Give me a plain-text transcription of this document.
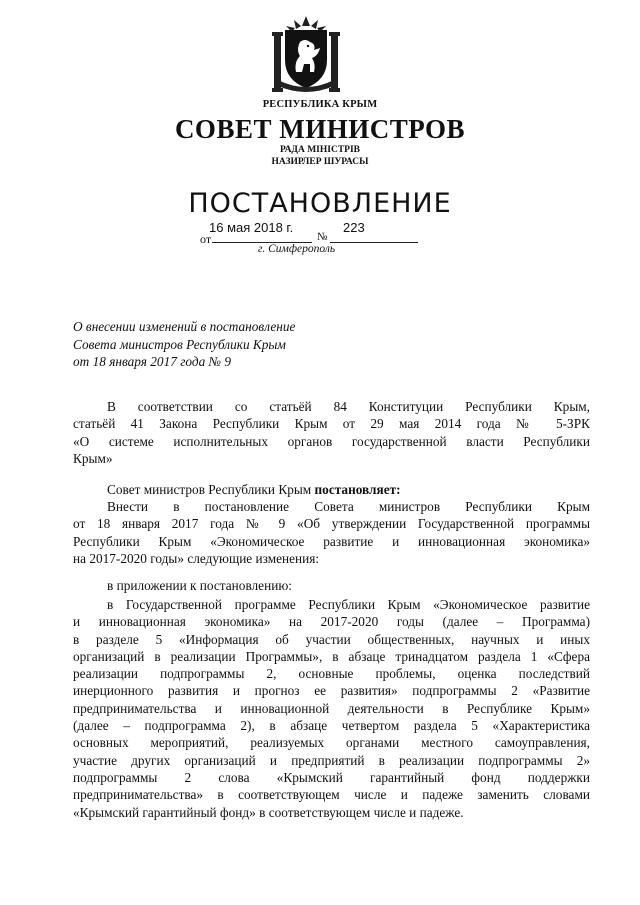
РЕСПУБЛИКА КРЫМ
СОВЕТ МИНИСТРОВ
РАДА МІНІСТРІВ
НАЗИРЛЕР ШУРАСЫ
ПОСТАНОВЛЕНИЕ
от
16 мая 2018 г.
№
223
г. Симферополь
О внесении изменений в постановление
Совета министров Республики Крым
от 18 января 2017 года № 9
В соответствии со статьёй 84 Конституции Республики Крым,
статьёй 41 Закона Республики Крым от 29 мая 2014 года № 5-ЗРК
«О системе исполнительных органов государственной власти Республики
Крым»
Совет министров Республики Крым постановляет:
Внести в постановление Совета министров Республики Крым
от 18 января 2017 года № 9 «Об утверждении Государственной программы
Республики Крым «Экономическое развитие и инновационная экономика»
на 2017-2020 годы» следующие изменения:
в приложении к постановлению:
в Государственной программе Республики Крым «Экономическое развитие
и инновационная экономика» на 2017-2020 годы (далее – Программа)
в разделе 5 «Информация об участии общественных, научных и иных
организаций в реализации Программы», в абзаце тринадцатом раздела 1 «Сфера
реализации подпрограммы 2, основные проблемы, оценка последствий
инерционного развития и прогноз ее развития» подпрограммы 2 «Развитие
предпринимательства и инновационной деятельности в Республике Крым»
(далее – подпрограмма 2), в абзаце четвертом раздела 5 «Характеристика
основных мероприятий, реализуемых органами местного самоуправления,
участие других организаций и предприятий в реализации подпрограммы 2»
подпрограммы 2 слова «Крымский гарантийный фонд поддержки
предпринимательства» в соответствующем числе и падеже заменить словами
«Крымский гарантийный фонд» в соответствующем числе и падеже.
